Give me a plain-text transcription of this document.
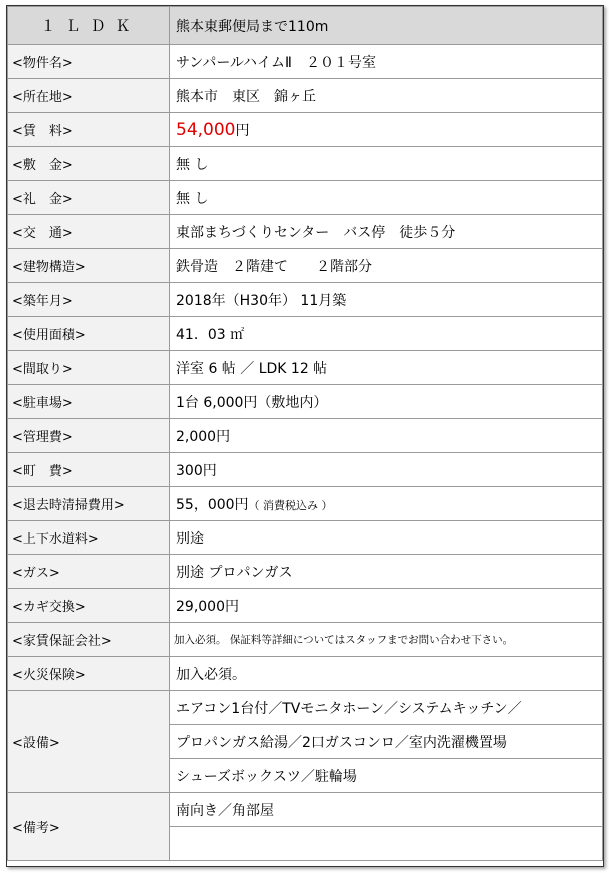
１ＬＤＫ	熊本東郵便局まで110m
<物件名>	サンパールハイムⅡ　２０１号室
<所在地>	熊本市　東区　錦ヶ丘
<賃　料>	54,000円
<敷　金>	無 し
<礼　金>	無 し
<交　通>	東部まちづくりセンター　バス停　徒歩５分
<建物構造>	鉄骨造　２階建て　　２階部分
<築年月>	2018年（H30年） 11月築
<使用面積>	41．03 ㎡
<間取り>	洋室 6 帖 ／ LDK 12 帖
<駐車場>	1台 6,000円（敷地内）
<管理費>	2,000円
<町　費>	300円
<退去時清掃費用>	55，000円（ 消費税込み ）
<上下水道料>	別途
<ガス>	別途 プロパンガス
<カギ交換>	29,000円
<家賃保証会社>	加入必須。 保証料等詳細についてはスタッフまでお問い合わせ下さい。
<火災保険>	加入必須。
<設備>	エアコン1台付／TVモニタホーン／システムキッチン／
	プロパンガス給湯／2口ガスコンロ／室内洗濯機置場
	シューズボックスツ／駐輪場
<備考>	南向き／角部屋
